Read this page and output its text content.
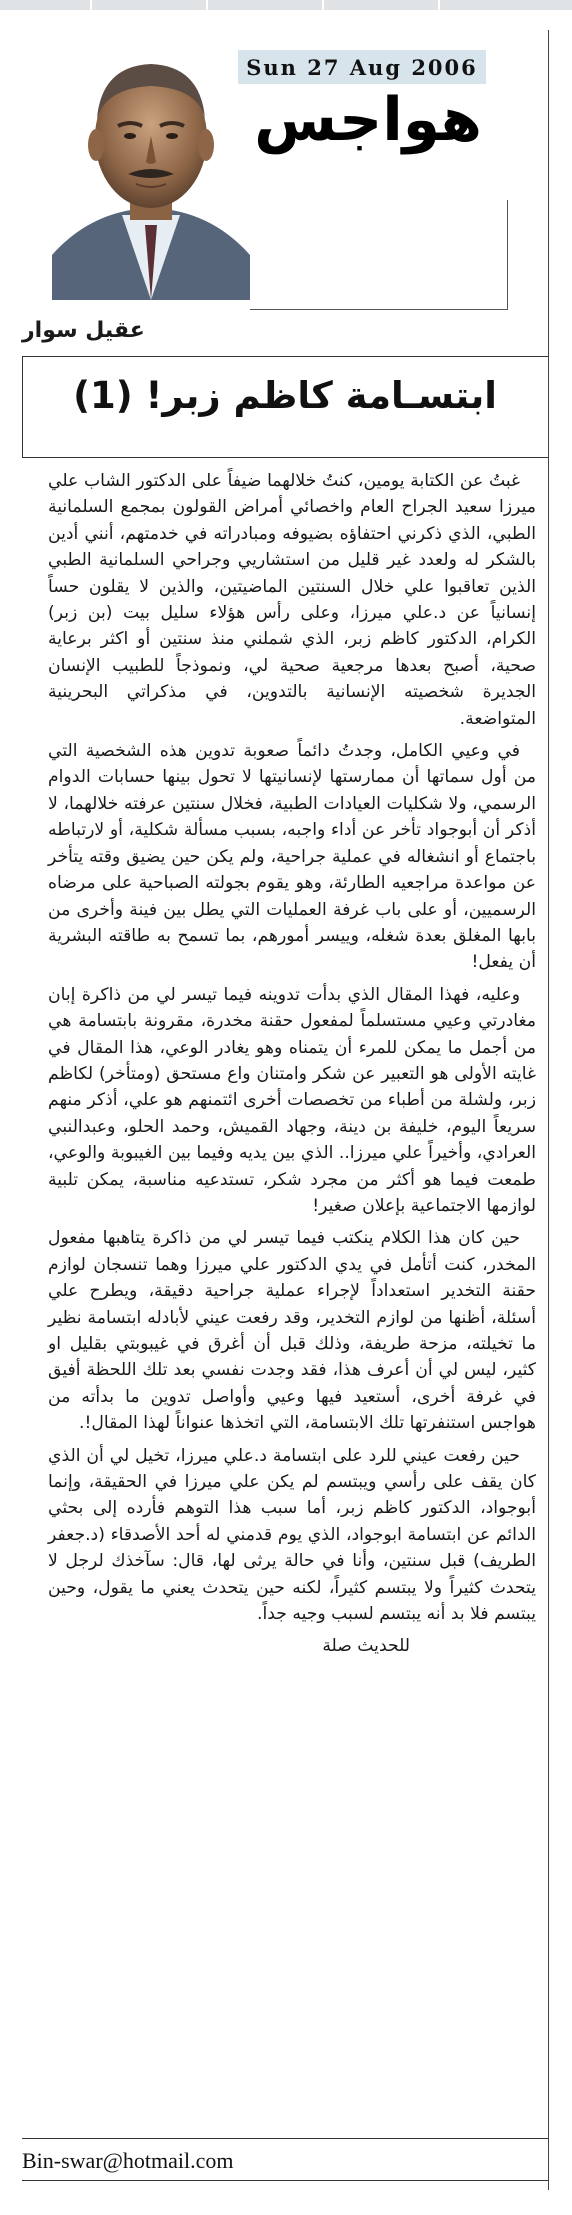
Sun 27 Aug 2006
هواجس
عقيل سوار
ابتسـامة كاظم زبر! (1)

غبتُ عن الكتابة يومين، كنتُ خلالهما ضيفاً على الدكتور الشاب علي ميرزا سعيد الجراح العام واخصائي أمراض القولون بمجمع السلمانية الطبي، الذي ذكرني احتفاؤه بضيوفه ومبادراته في خدمتهم، أنني أدين بالشكر له ولعدد غير قليل من استشاريي وجراحي السلمانية الطبي الذين تعاقبوا علي خلال السنتين الماضيتين، والذين لا يقلون حساً إنسانياً عن د.علي ميرزا، وعلى رأس هؤلاء سليل بيت (بن زبر) الكرام، الدكتور كاظم زبر، الذي شملني منذ سنتين أو اكثر برعاية صحية، أصبح بعدها مرجعية صحية لي، ونموذجاً للطبيب الإنسان الجديرة شخصيته الإنسانية بالتدوين، في مذكراتي البحرينية المتواضعة.

في وعيي الكامل، وجدتُ دائماً صعوبة تدوين هذه الشخصية التي من أول سماتها أن ممارستها لإنسانيتها لا تحول بينها حسابات الدوام الرسمي، ولا شكليات العيادات الطبية، فخلال سنتين عرفته خلالهما، لا أذكر أن أبوجواد تأخر عن أداء واجبه، بسبب مسألة شكلية، أو لارتباطه باجتماع أو انشغاله في عملية جراحية، ولم يكن حين يضيق وقته يتأخر عن مواعدة مراجعيه الطارئة، وهو يقوم بجولته الصباحية على مرضاه الرسميين، أو على باب غرفة العمليات التي يطل بين فينة وأخرى من بابها المغلق بعدة شغله، وييسر أمورهم، بما تسمح به طاقته البشرية أن يفعل!

وعليه، فهذا المقال الذي بدأت تدوينه فيما تيسر لي من ذاكرة إبان مغادرتي وعيي مستسلماً لمفعول حقنة مخدرة، مقرونة بابتسامة هي من أجمل ما يمكن للمرء أن يتمناه وهو يغادر الوعي، هذا المقال في غايته الأولى هو التعبير عن شكر وامتنان واع مستحق (ومتأخر) لكاظم زبر، ولشلة من أطباء من تخصصات أخرى ائتمنهم هو علي، أذكر منهم سريعاً اليوم، خليفة بن دينة، وجهاد القميش، وحمد الحلو، وعبدالنبي العرادي، وأخيراً علي ميرزا.. الذي بين يديه وفيما بين الغيبوبة والوعي، طمعت فيما هو أكثر من مجرد شكر، تستدعيه مناسبة، يمكن تلبية لوازمها الاجتماعية بإعلان صغير!

حين كان هذا الكلام ينكتب فيما تيسر لي من ذاكرة يتاهبها مفعول المخدر، كنت أتأمل في يدي الدكتور علي ميرزا وهما تنسجان لوازم حقنة التخدير استعداداً لإجراء عملية جراحية دقيقة، ويطرح علي أسئلة، أظنها من لوازم التخدير، وقد رفعت عيني لأبادله ابتسامة نظير ما تخيلته، مزحة طريفة، وذلك قبل أن أغرق في غيبوبتي بقليل او كثير، ليس لي أن أعرف هذا، فقد وجدت نفسي بعد تلك اللحظة أفيق في غرفة أخرى، أستعيد فيها وعيي وأواصل تدوين ما بدأته من هواجس استنفرتها تلك الابتسامة، التي اتخذها عنواناً لهذا المقال!.

حين رفعت عيني للرد على ابتسامة د.علي ميرزا، تخيل لي أن الذي كان يقف على رأسي ويبتسم لم يكن علي ميرزا في الحقيقة، وإنما أبوجواد، الدكتور كاظم زبر، أما سبب هذا التوهم فأرده إلى بحثي الدائم عن ابتسامة ابوجواد، الذي يوم قدمني له أحد الأصدقاء (د.جعفر الطريف) قبل سنتين، وأنا في حالة يرثى لها، قال: سآخذك لرجل لا يتحدث كثيراً ولا يبتسم كثيراً، لكنه حين يتحدث يعني ما يقول، وحين يبتسم فلا بد أنه يبتسم لسبب وجيه جداً.

للحديث صلة

Bin-swar@hotmail.com
